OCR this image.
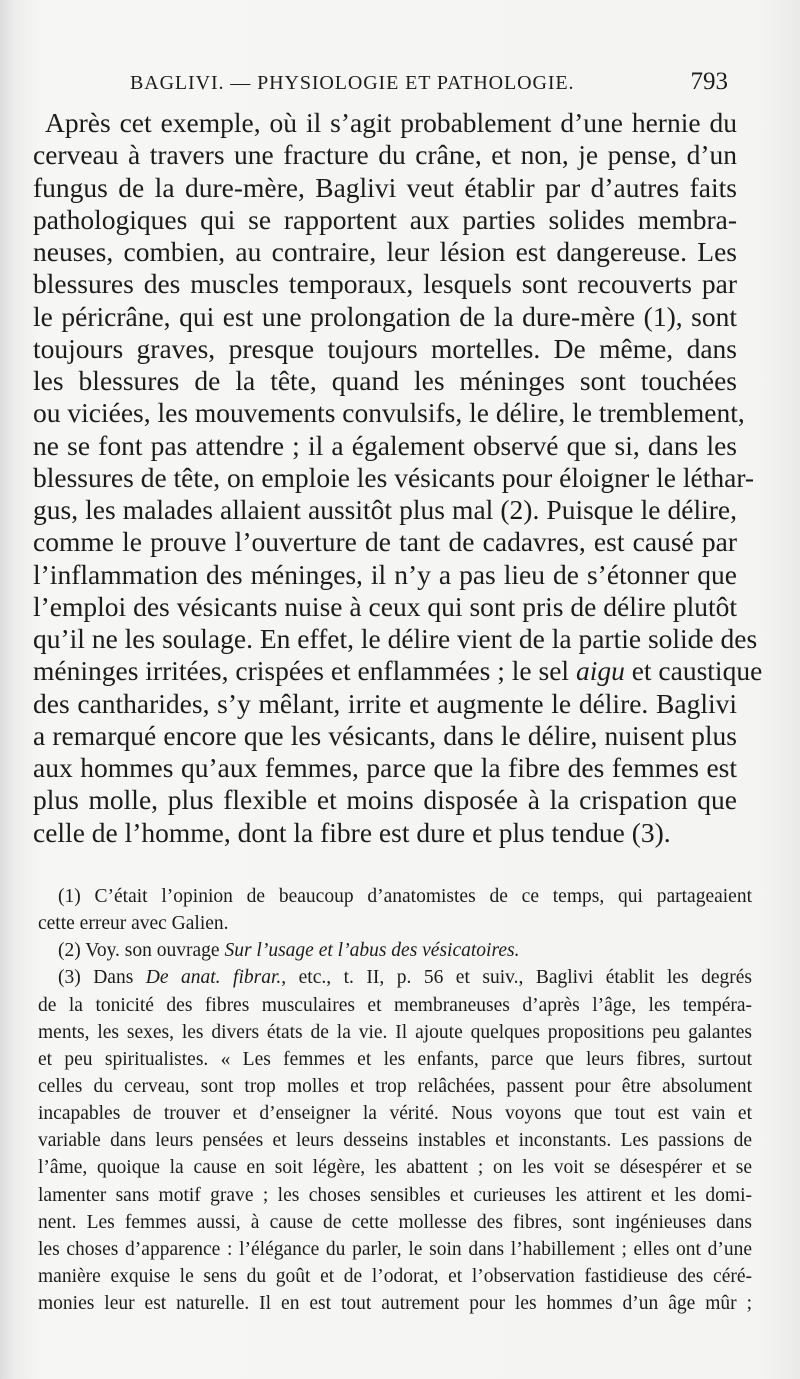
BAGLIVI. — PHYSIOLOGIE ET PATHOLOGIE.	793
Après cet exemple, où il s’agit probablement d’une hernie du
cerveau à travers une fracture du crâne, et non, je pense, d’un
fungus de la dure-mère, Baglivi veut établir par d’autres faits
pathologiques qui se rapportent aux parties solides membra-
neuses, combien, au contraire, leur lésion est dangereuse. Les
blessures des muscles temporaux, lesquels sont recouverts par
le péricrâne, qui est une prolongation de la dure-mère (1), sont
toujours graves, presque toujours mortelles. De même, dans
les blessures de la tête, quand les méninges sont touchées
ou viciées, les mouvements convulsifs, le délire, le tremblement,
ne se font pas attendre ; il a également observé que si, dans les
blessures de tête, on emploie les vésicants pour éloigner le léthar-
gus, les malades allaient aussitôt plus mal (2). Puisque le délire,
comme le prouve l’ouverture de tant de cadavres, est causé par
l’inflammation des méninges, il n’y a pas lieu de s’étonner que
l’emploi des vésicants nuise à ceux qui sont pris de délire plutôt
qu’il ne les soulage. En effet, le délire vient de la partie solide des
méninges irritées, crispées et enflammées ; le sel aigu et caustique
des cantharides, s’y mêlant, irrite et augmente le délire. Baglivi
a remarqué encore que les vésicants, dans le délire, nuisent plus
aux hommes qu’aux femmes, parce que la fibre des femmes est
plus molle, plus flexible et moins disposée à la crispation que
celle de l’homme, dont la fibre est dure et plus tendue (3).
(1) C’était l’opinion de beaucoup d’anatomistes de ce temps, qui partageaient
cette erreur avec Galien.
(2) Voy. son ouvrage Sur l’usage et l’abus des vésicatoires.
(3) Dans De anat. fibrar., etc., t. II, p. 56 et suiv., Baglivi établit les degrés
de la tonicité des fibres musculaires et membraneuses d’après l’âge, les tempéra-
ments, les sexes, les divers états de la vie. Il ajoute quelques propositions peu galantes
et peu spiritualistes. « Les femmes et les enfants, parce que leurs fibres, surtout
celles du cerveau, sont trop molles et trop relâchées, passent pour être absolument
incapables de trouver et d’enseigner la vérité. Nous voyons que tout est vain et
variable dans leurs pensées et leurs desseins instables et inconstants. Les passions de
l’âme, quoique la cause en soit légère, les abattent ; on les voit se désespérer et se
lamenter sans motif grave ; les choses sensibles et curieuses les attirent et les domi-
nent. Les femmes aussi, à cause de cette mollesse des fibres, sont ingénieuses dans
les choses d’apparence : l’élégance du parler, le soin dans l’habillement ; elles ont d’une
manière exquise le sens du goût et de l’odorat, et l’observation fastidieuse des céré-
monies leur est naturelle. Il en est tout autrement pour les hommes d’un âge mûr ;
